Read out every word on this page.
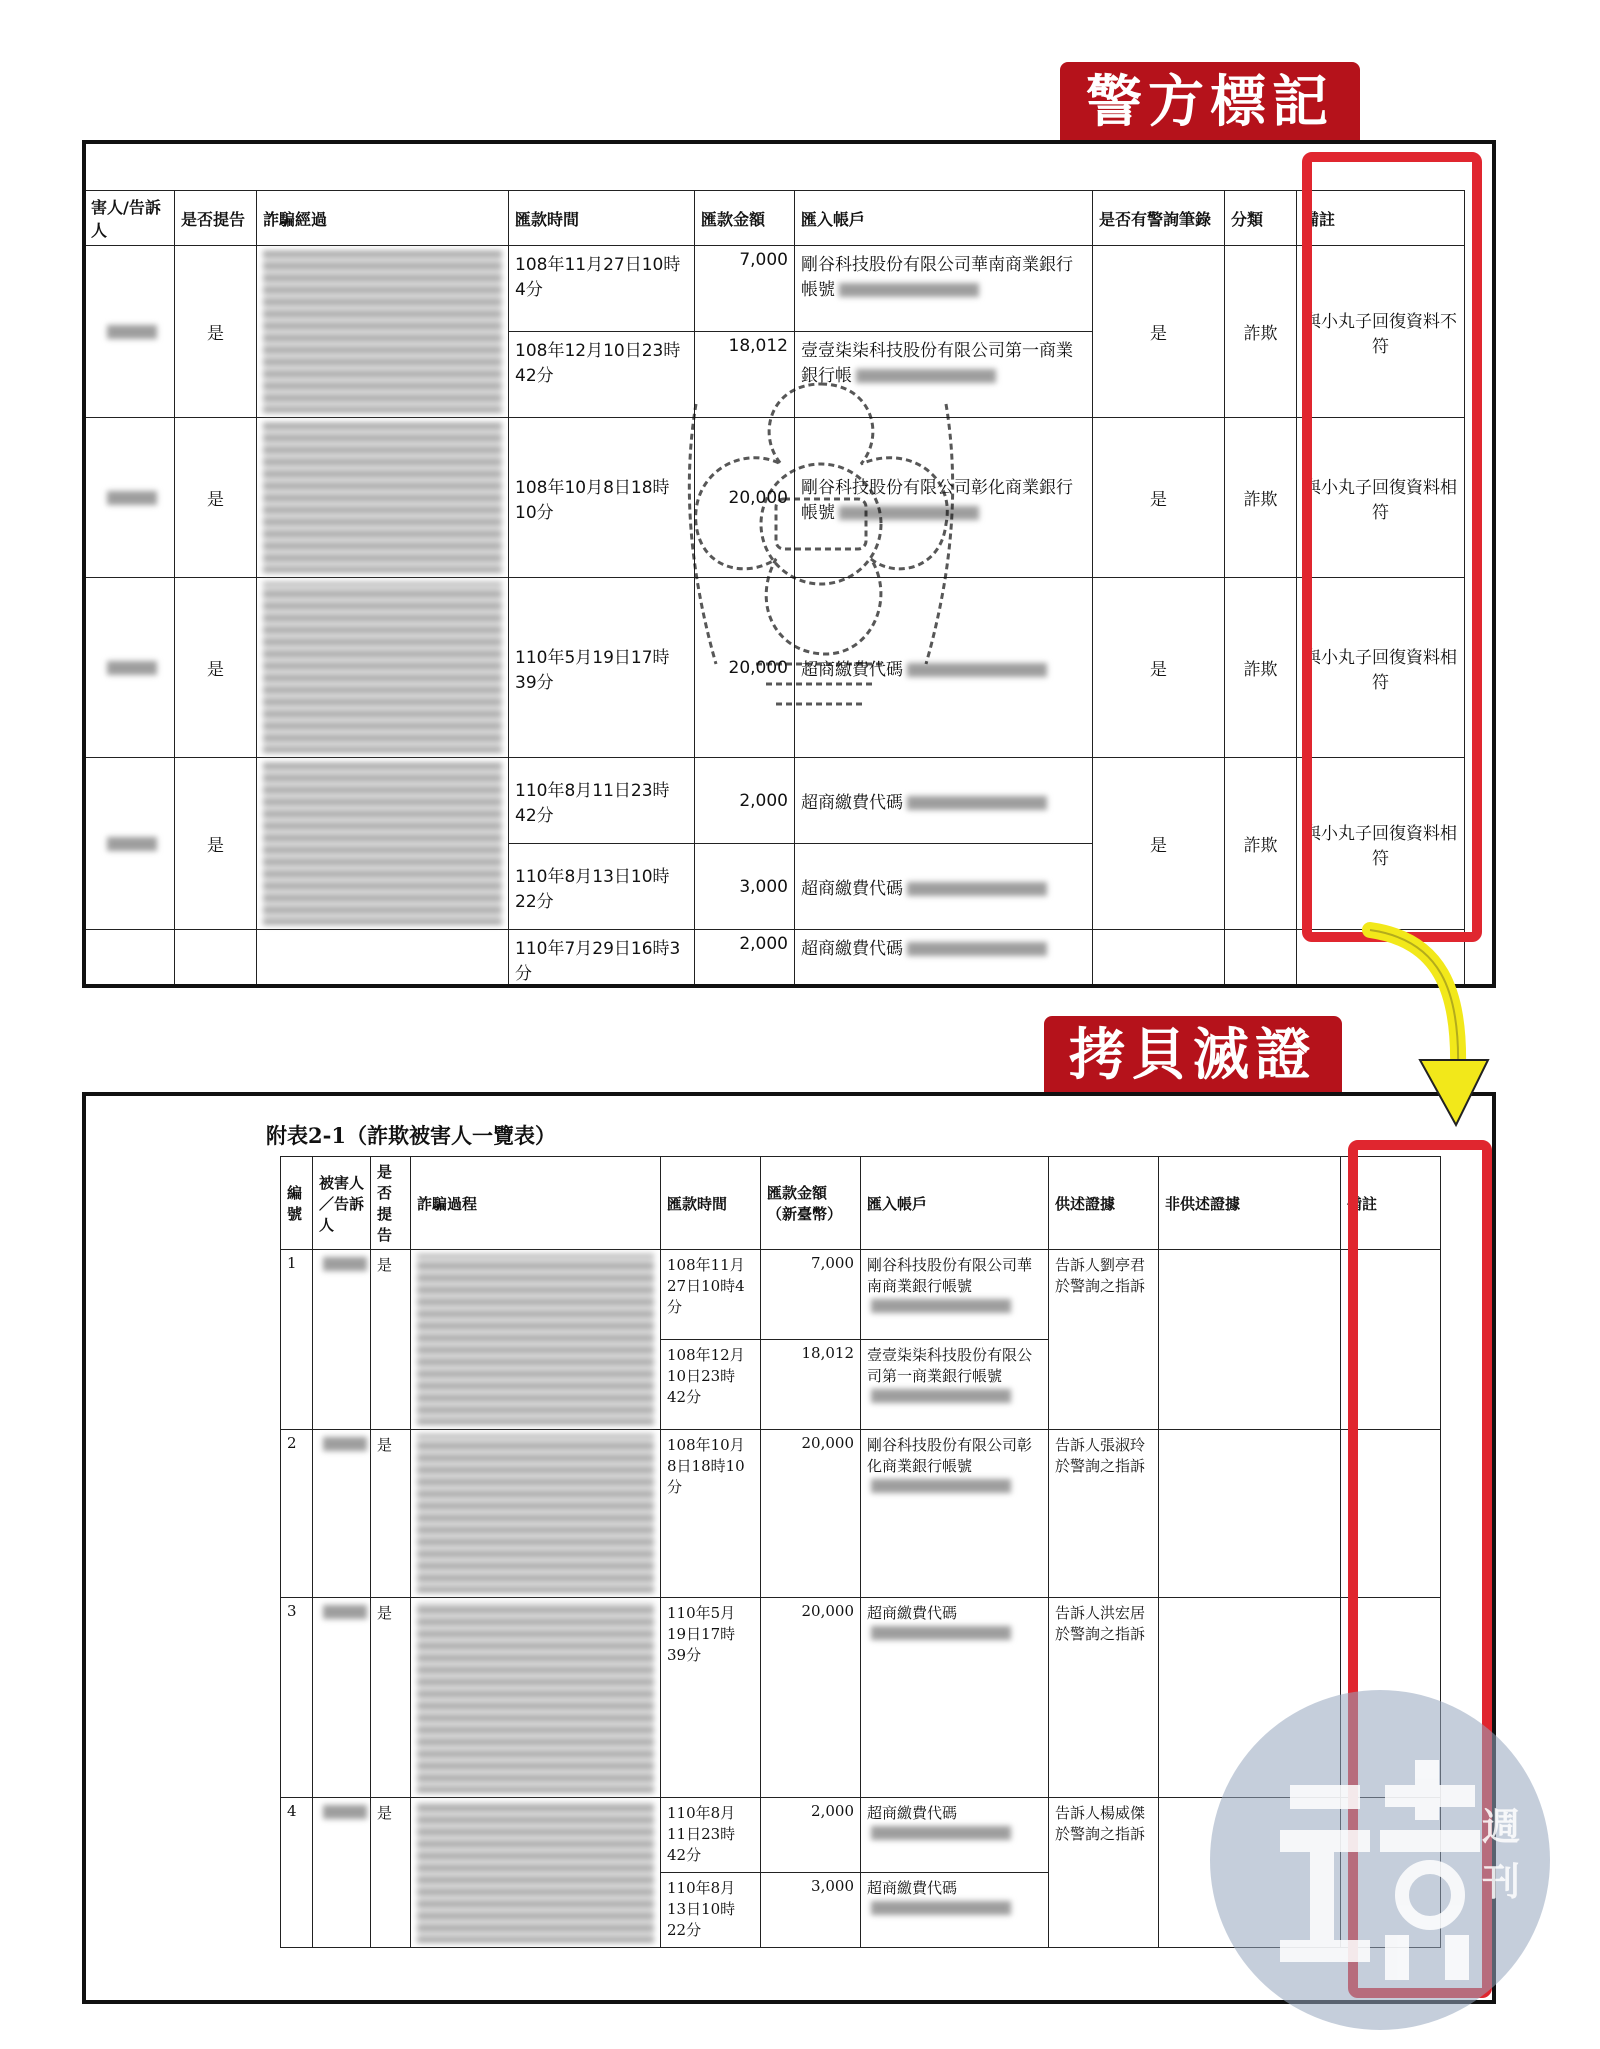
警方標記
拷貝滅證
害人/告訴人	是否提告	詐騙經過	匯款時間	匯款金額	匯入帳戶	是否有警詢筆錄	分類	備註
	是		108年11月27日10時4分	7,000	剛谷科技股份有限公司華南商業銀行帳號	是	詐欺	與小丸子回復資料不符
			108年12月10日23時42分	18,012	壹壹柒柒科技股份有限公司第一商業銀行帳			
	是		108年10月8日18時10分	20,000	剛谷科技股份有限公司彰化商業銀行帳號	是	詐欺	與小丸子回復資料相符
	是		110年5月19日17時39分	20,000	超商繳費代碼	是	詐欺	與小丸子回復資料相符
	是		110年8月11日23時42分	2,000	超商繳費代碼	是	詐欺	與小丸子回復資料相符
			110年8月13日10時22分	3,000	超商繳費代碼			
			110年7月29日16時3分	2,000	超商繳費代碼			
附表2-1（詐欺被害人一覽表）
編號	被害人／告訴人	是否提告	詐騙過程	匯款時間	匯款金額（新臺幣）	匯入帳戶	供述證據	非供述證據	備註
1		是		108年11月27日10時4分	7,000	剛谷科技股份有限公司華南商業銀行帳號	告訴人劉亭君於警詢之指訴	

				108年12月10日23時42分	18,012	壹壹柒柒科技股份有限公司第一商業銀行帳號			
2		是		108年10月8日18時10分	20,000	剛谷科技股份有限公司彰化商業銀行帳號	告訴人張淑玲於警詢之指訴	

3		是		110年5月19日17時39分	20,000	超商繳費代碼	告訴人洪宏居於警詢之指訴	

4		是		110年8月11日23時42分	2,000	超商繳費代碼	告訴人楊威傑於警詢之指訴	

				110年8月13日10時22分	3,000	超商繳費代碼			
週
刊
